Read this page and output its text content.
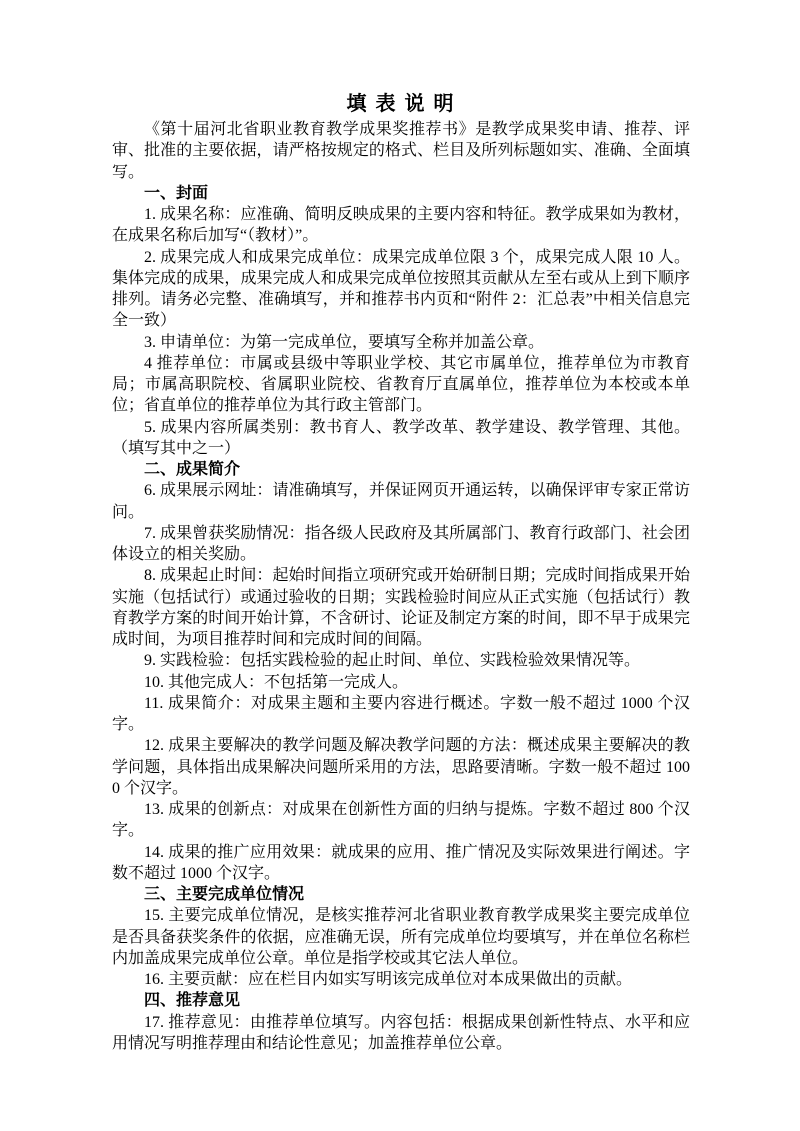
填 表 说 明

《第十届河北省职业教育教学成果奖推荐书》是教学成果奖申请、推荐、评审、批准的主要依据，请严格按规定的格式、栏目及所列标题如实、准确、全面填写。

一、封面

1. 成果名称：应准确、简明反映成果的主要内容和特征。教学成果如为教材，在成果名称后加写“（教材）”。

2. 成果完成人和成果完成单位：成果完成单位限 3 个，成果完成人限 10 人。集体完成的成果，成果完成人和成果完成单位按照其贡献从左至右或从上到下顺序排列。请务必完整、准确填写，并和推荐书内页和“附件 2：汇总表”中相关信息完全一致）

3. 申请单位：为第一完成单位，要填写全称并加盖公章。

4 推荐单位：市属或县级中等职业学校、其它市属单位，推荐单位为市教育局；市属高职院校、省属职业院校、省教育厅直属单位，推荐单位为本校或本单位；省直单位的推荐单位为其行政主管部门。

5. 成果内容所属类别：教书育人、教学改革、教学建设、教学管理、其他。（填写其中之一）

二、成果简介

6. 成果展示网址：请准确填写，并保证网页开通运转，以确保评审专家正常访问。

7. 成果曾获奖励情况：指各级人民政府及其所属部门、教育行政部门、社会团体设立的相关奖励。

8. 成果起止时间：起始时间指立项研究或开始研制日期；完成时间指成果开始实施（包括试行）或通过验收的日期；实践检验时间应从正式实施（包括试行）教育教学方案的时间开始计算，不含研讨、论证及制定方案的时间，即不早于成果完成时间，为项目推荐时间和完成时间的间隔。

9. 实践检验：包括实践检验的起止时间、单位、实践检验效果情况等。

10. 其他完成人：不包括第一完成人。

11. 成果简介：对成果主题和主要内容进行概述。字数一般不超过 1000 个汉字。

12. 成果主要解决的教学问题及解决教学问题的方法：概述成果主要解决的教学问题，具体指出成果解决问题所采用的方法，思路要清晰。字数一般不超过 1000 个汉字。

13. 成果的创新点：对成果在创新性方面的归纳与提炼。字数不超过 800 个汉字。

14. 成果的推广应用效果：就成果的应用、推广情况及实际效果进行阐述。字数不超过 1000 个汉字。

三、主要完成单位情况

15. 主要完成单位情况，是核实推荐河北省职业教育教学成果奖主要完成单位是否具备获奖条件的依据，应准确无误，所有完成单位均要填写，并在单位名称栏内加盖成果完成单位公章。单位是指学校或其它法人单位。

16. 主要贡献：应在栏目内如实写明该完成单位对本成果做出的贡献。

四、推荐意见

17. 推荐意见：由推荐单位填写。内容包括：根据成果创新性特点、水平和应用情况写明推荐理由和结论性意见；加盖推荐单位公章。
